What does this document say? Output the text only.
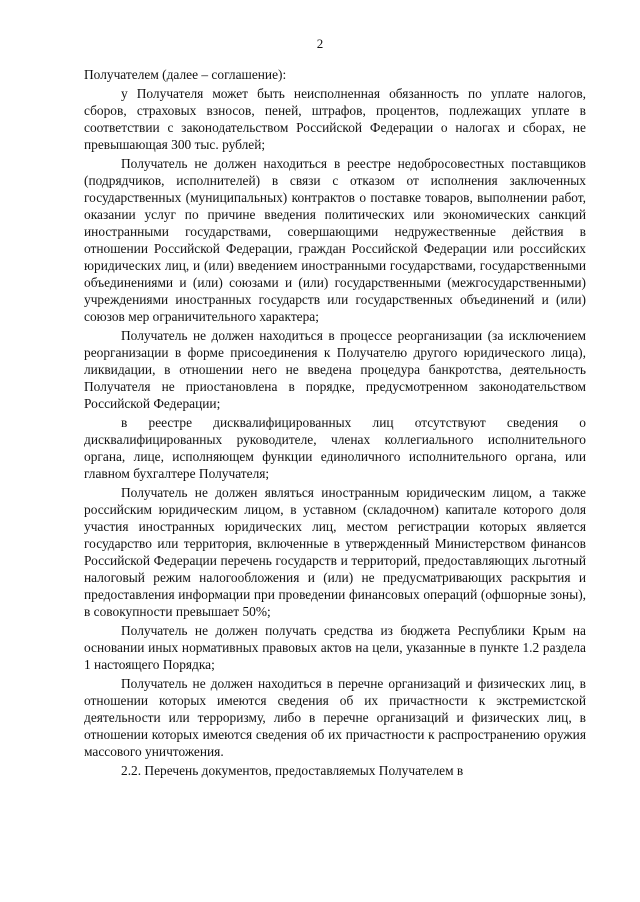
2

Получателем (далее – соглашение):

у Получателя может быть неисполненная обязанность по уплате налогов, сборов, страховых взносов, пеней, штрафов, процентов, подлежащих уплате в соответствии с законодательством Российской Федерации о налогах и сборах, не превышающая 300 тыс. рублей;

Получатель не должен находиться в реестре недобросовестных поставщиков (подрядчиков, исполнителей) в связи с отказом от исполнения заключенных государственных (муниципальных) контрактов о поставке товаров, выполнении работ, оказании услуг по причине введения политических или экономических санкций иностранными государствами, совершающими недружественные действия в отношении Российской Федерации, граждан Российской Федерации или российских юридических лиц, и (или) введением иностранными государствами, государственными объединениями и (или) союзами и (или) государственными (межгосударственными) учреждениями иностранных государств или государственных объединений и (или) союзов мер ограничительного характера;

Получатель не должен находиться в процессе реорганизации (за исключением реорганизации в форме присоединения к Получателю другого юридического лица), ликвидации, в отношении него не введена процедура банкротства, деятельность Получателя не приостановлена в порядке, предусмотренном законодательством Российской Федерации;

в реестре дисквалифицированных лиц отсутствуют сведения о дисквалифицированных руководителе, членах коллегиального исполнительного органа, лице, исполняющем функции единоличного исполнительного органа, или главном бухгалтере Получателя;

Получатель не должен являться иностранным юридическим лицом, а также российским юридическим лицом, в уставном (складочном) капитале которого доля участия иностранных юридических лиц, местом регистрации которых является государство или территория, включенные в утвержденный Министерством финансов Российской Федерации перечень государств и территорий, предоставляющих льготный налоговый режим налогообложения и (или) не предусматривающих раскрытия и предоставления информации при проведении финансовых операций (офшорные зоны), в совокупности превышает 50%;

Получатель не должен получать средства из бюджета Республики Крым на основании иных нормативных правовых актов на цели, указанные в пункте 1.2 раздела 1 настоящего Порядка;

Получатель не должен находиться в перечне организаций и физических лиц, в отношении которых имеются сведения об их причастности к экстремистской деятельности или терроризму, либо в перечне организаций и физических лиц, в отношении которых имеются сведения об их причастности к распространению оружия массового уничтожения.

2.2. Перечень документов, предоставляемых Получателем в
